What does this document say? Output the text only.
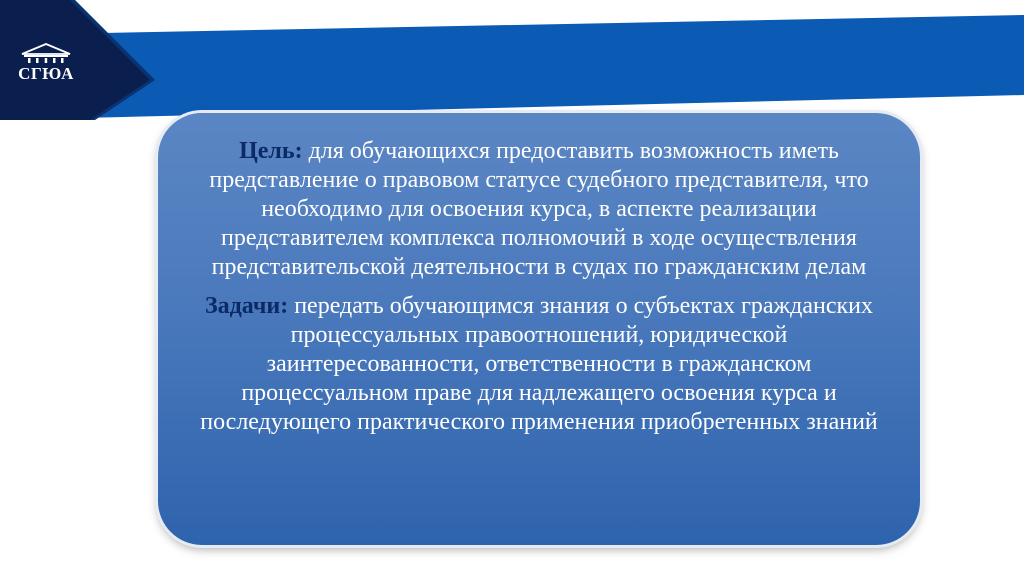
СГЮА

Цель: для обучающихся предоставить возможность иметь представление о правовом статусе судебного представителя, что необходимо для освоения курса, в аспекте реализации представителем комплекса полномочий в ходе осуществления представительской деятельности в судах по гражданским делам

Задачи: передать обучающимся знания о субъектах гражданских процессуальных правоотношений, юридической заинтересованности, ответственности в гражданском процессуальном праве для надлежащего освоения курса и последующего практического применения приобретенных знаний
